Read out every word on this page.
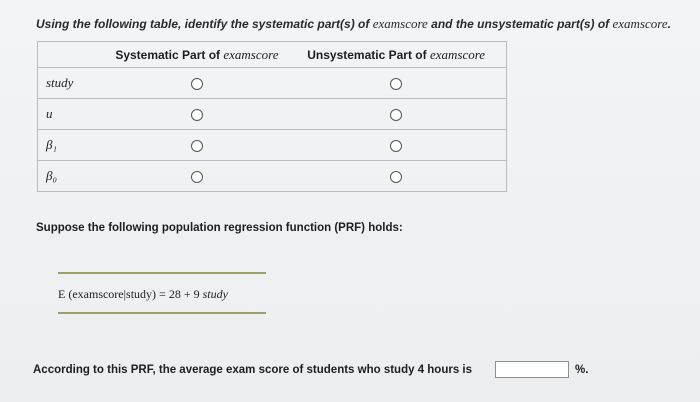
Using the following table, identify the systematic part(s) of examscore and the unsystematic part(s) of examscore.
	Systematic Part of examscore	Unsystematic Part of examscore
study		
u		
β₁		
β₀		
Suppose the following population regression function (PRF) holds:
E (examscore|study) = 28 + 9 study
According to this PRF, the average exam score of students who study 4 hours is	%.
